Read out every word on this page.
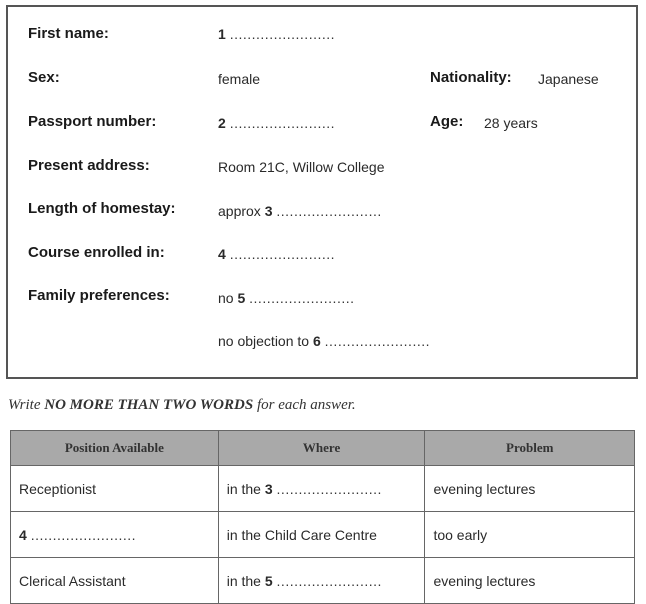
First name:	1 ........................
Sex:	female	Nationality: Japanese
Passport number:	2 ........................	Age: 28 years
Present address:	Room 21C, Willow College
Length of homestay:	approx 3 ........................
Course enrolled in:	4 ........................
Family preferences:	no 5 ........................
no objection to 6 ........................
Write NO MORE THAN TWO WORDS for each answer.
Position Available	Where	Problem
Receptionist	in the 3 ........................	evening lectures
4 ........................	in the Child Care Centre	too early
Clerical Assistant	in the 5 ........................	evening lectures
